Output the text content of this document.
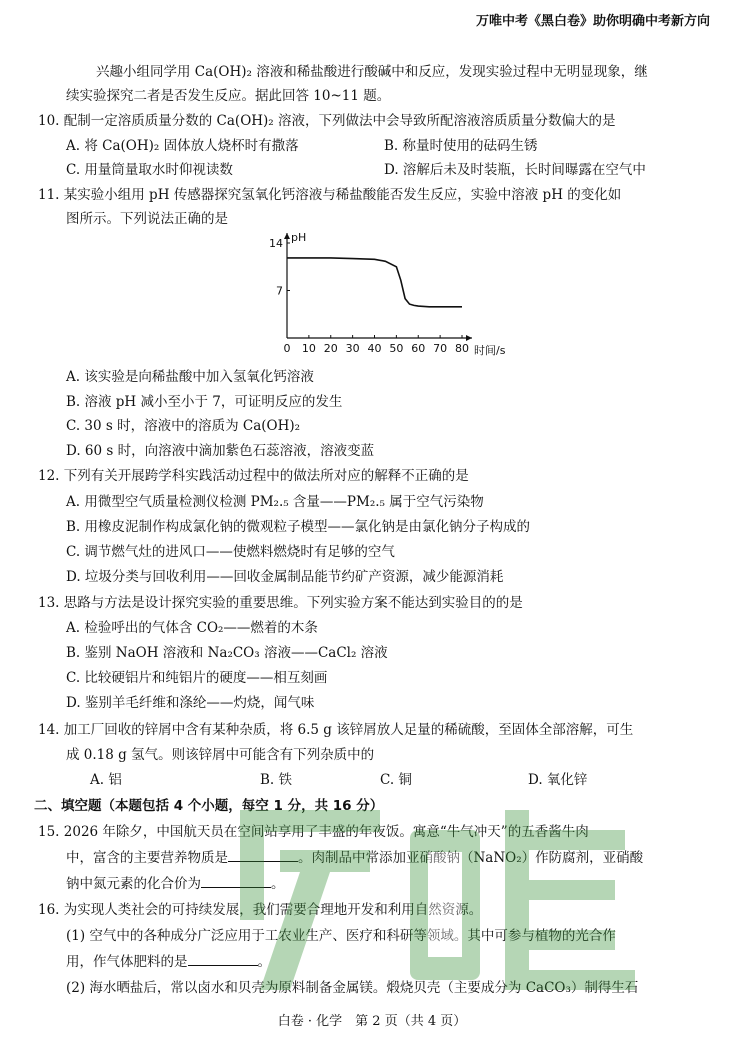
万唯中考《黑白卷》助你明确中考新方向
兴趣小组同学用 Ca(OH)₂ 溶液和稀盐酸进行酸碱中和反应，发现实验过程中无明显现象，继
续实验探究二者是否发生反应。据此回答 10~11 题。
10. 配制一定溶质质量分数的 Ca(OH)₂ 溶液，下列做法中会导致所配溶液溶质质量分数偏大的是
A. 将 Ca(OH)₂ 固体放人烧杯时有撒落	B. 称量时使用的砝码生锈
C. 用量筒量取水时仰视读数	D. 溶解后未及时装瓶，长时间曝露在空气中
11. 某实验小组用 pH 传感器探究氢氧化钙溶液与稀盐酸能否发生反应，实验中溶液 pH 的变化如
图所示。下列说法正确的是
0 10 20 30 40 50 60 70 80
14
7
pH
时间/s
A. 该实验是向稀盐酸中加入氢氧化钙溶液
B. 溶液 pH 减小至小于 7，可证明反应的发生
C. 30 s 时，溶液中的溶质为 Ca(OH)₂
D. 60 s 时，向溶液中滴加紫色石蕊溶液，溶液变蓝
12. 下列有关开展跨学科实践活动过程中的做法所对应的解释不正确的是
A. 用微型空气质量检测仪检测 PM₂.₅ 含量——PM₂.₅ 属于空气污染物
B. 用橡皮泥制作构成氯化钠的微观粒子模型——氯化钠是由氯化钠分子构成的
C. 调节燃气灶的进风口——使燃料燃烧时有足够的空气
D. 垃圾分类与回收利用——回收金属制品能节约矿产资源，减少能源消耗
13. 思路与方法是设计探究实验的重要思维。下列实验方案不能达到实验目的的是
A. 检验呼出的气体含 CO₂——燃着的木条
B. 鉴别 NaOH 溶液和 Na₂CO₃ 溶液——CaCl₂ 溶液
C. 比较硬铝片和纯铝片的硬度——相互刻画
D. 鉴别羊毛纤维和涤纶——灼烧，闻气味
14. 加工厂回收的锌屑中含有某种杂质，将 6.5 g 该锌屑放人足量的稀硫酸，至固体全部溶解，可生
成 0.18 g 氢气。则该锌屑中可能含有下列杂质中的
A. 铝	B. 铁	C. 铜	D. 氧化锌
二、填空题（本题包括 4 个小题，每空 1 分，共 16 分）
15. 2026 年除夕，中国航天员在空间站享用了丰盛的年夜饭。寓意“牛气冲天”的五香酱牛肉
中，富含的主要营养物质是	。肉制品中常添加亚硝酸钠（NaNO₂）作防腐剂，亚硝酸
钠中氮元素的化合价为	。
16. 为实现人类社会的可持续发展，我们需要合理地开发和利用自然资源。
(1) 空气中的各种成分广泛应用于工农业生产、医疗和科研等领域。其中可参与植物的光合作
用，作气体肥料的是	。
(2) 海水晒盐后，常以卤水和贝壳为原料制备金属镁。煅烧贝壳（主要成分为 CaCO₃）制得生石
白卷 · 化学　第 2 页（共 4 页）
